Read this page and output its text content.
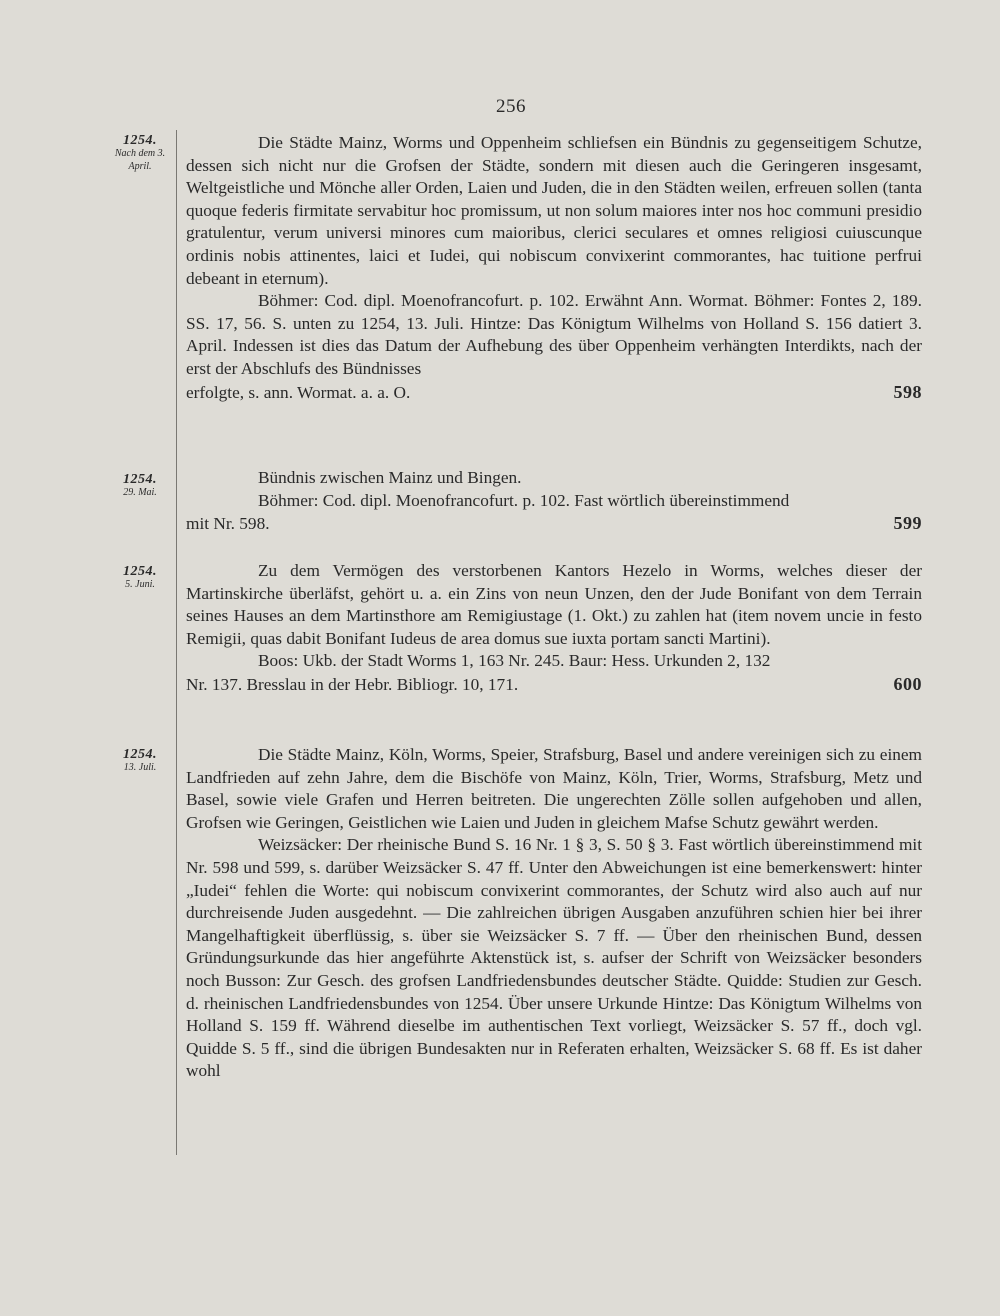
256
1254.
Nach dem 3. April.

Die Städte Mainz, Worms und Oppenheim schliefsen ein Bündnis zu gegenseitigem Schutze, dessen sich nicht nur die Grofsen der Städte, sondern mit diesen auch die Geringeren insgesamt, Weltgeistliche und Mönche aller Orden, Laien und Juden, die in den Städten weilen, erfreuen sollen (tanta quoque federis firmitate servabitur hoc promissum, ut non solum maiores inter nos hoc communi presidio gratulentur, verum universi minores cum maioribus, clerici seculares et omnes religiosi cuiuscunque ordinis nobis attinentes, laici et Iudei, qui nobiscum convixerint commorantes, hac tuitione perfrui debeant in eternum).

Böhmer: Cod. dipl. Moenofrancofurt. p. 102. Erwähnt Ann. Wormat. Böhmer: Fontes 2, 189. SS. 17, 56. S. unten zu 1254, 13. Juli. Hintze: Das Königtum Wilhelms von Holland S. 156 datiert 3. April. Indessen ist dies das Datum der Aufhebung des über Oppenheim verhängten Interdikts, nach der erst der Abschlufs des Bündnisses

erfolgte, s. ann. Wormat. a. a. O.	598
1254.
29. Mai.

Bündnis zwischen Mainz und Bingen.

Böhmer: Cod. dipl. Moenofrancofurt. p. 102. Fast wörtlich übereinstimmend

mit Nr. 598.	599
1254.
5. Juni.

Zu dem Vermögen des verstorbenen Kantors Hezelo in Worms, welches dieser der Martinskirche überläfst, gehört u. a. ein Zins von neun Unzen, den der Jude Bonifant von dem Terrain seines Hauses an dem Martinsthore am Remigiustage (1. Okt.) zu zahlen hat (item novem uncie in festo Remigii, quas dabit Bonifant Iudeus de area domus sue iuxta portam sancti Martini).

Boos: Ukb. der Stadt Worms 1, 163 Nr. 245. Baur: Hess. Urkunden 2, 132

Nr. 137. Bresslau in der Hebr. Bibliogr. 10, 171.	600
1254.
13. Juli.

Die Städte Mainz, Köln, Worms, Speier, Strafsburg, Basel und andere vereinigen sich zu einem Landfrieden auf zehn Jahre, dem die Bischöfe von Mainz, Köln, Trier, Worms, Strafsburg, Metz und Basel, sowie viele Grafen und Herren beitreten. Die ungerechten Zölle sollen aufgehoben und allen, Grofsen wie Geringen, Geistlichen wie Laien und Juden in gleichem Mafse Schutz gewährt werden.

Weizsäcker: Der rheinische Bund S. 16 Nr. 1 § 3, S. 50 § 3. Fast wörtlich übereinstimmend mit Nr. 598 und 599, s. darüber Weizsäcker S. 47 ff. Unter den Abweichungen ist eine bemerkenswert: hinter „Iudei“ fehlen die Worte: qui nobiscum convixerint commorantes, der Schutz wird also auch auf nur durchreisende Juden ausgedehnt. — Die zahlreichen übrigen Ausgaben anzuführen schien hier bei ihrer Mangelhaftigkeit überflüssig, s. über sie Weizsäcker S. 7 ff. — Über den rheinischen Bund, dessen Gründungsurkunde das hier angeführte Aktenstück ist, s. aufser der Schrift von Weizsäcker besonders noch Busson: Zur Gesch. des grofsen Landfriedensbundes deutscher Städte. Quidde: Studien zur Gesch. d. rheinischen Landfriedensbundes von 1254. Über unsere Urkunde Hintze: Das Königtum Wilhelms von Holland S. 159 ff. Während dieselbe im authentischen Text vorliegt, Weizsäcker S. 57 ff., doch vgl. Quidde S. 5 ff., sind die übrigen Bundesakten nur in Referaten erhalten, Weizsäcker S. 68 ff. Es ist daher wohl
